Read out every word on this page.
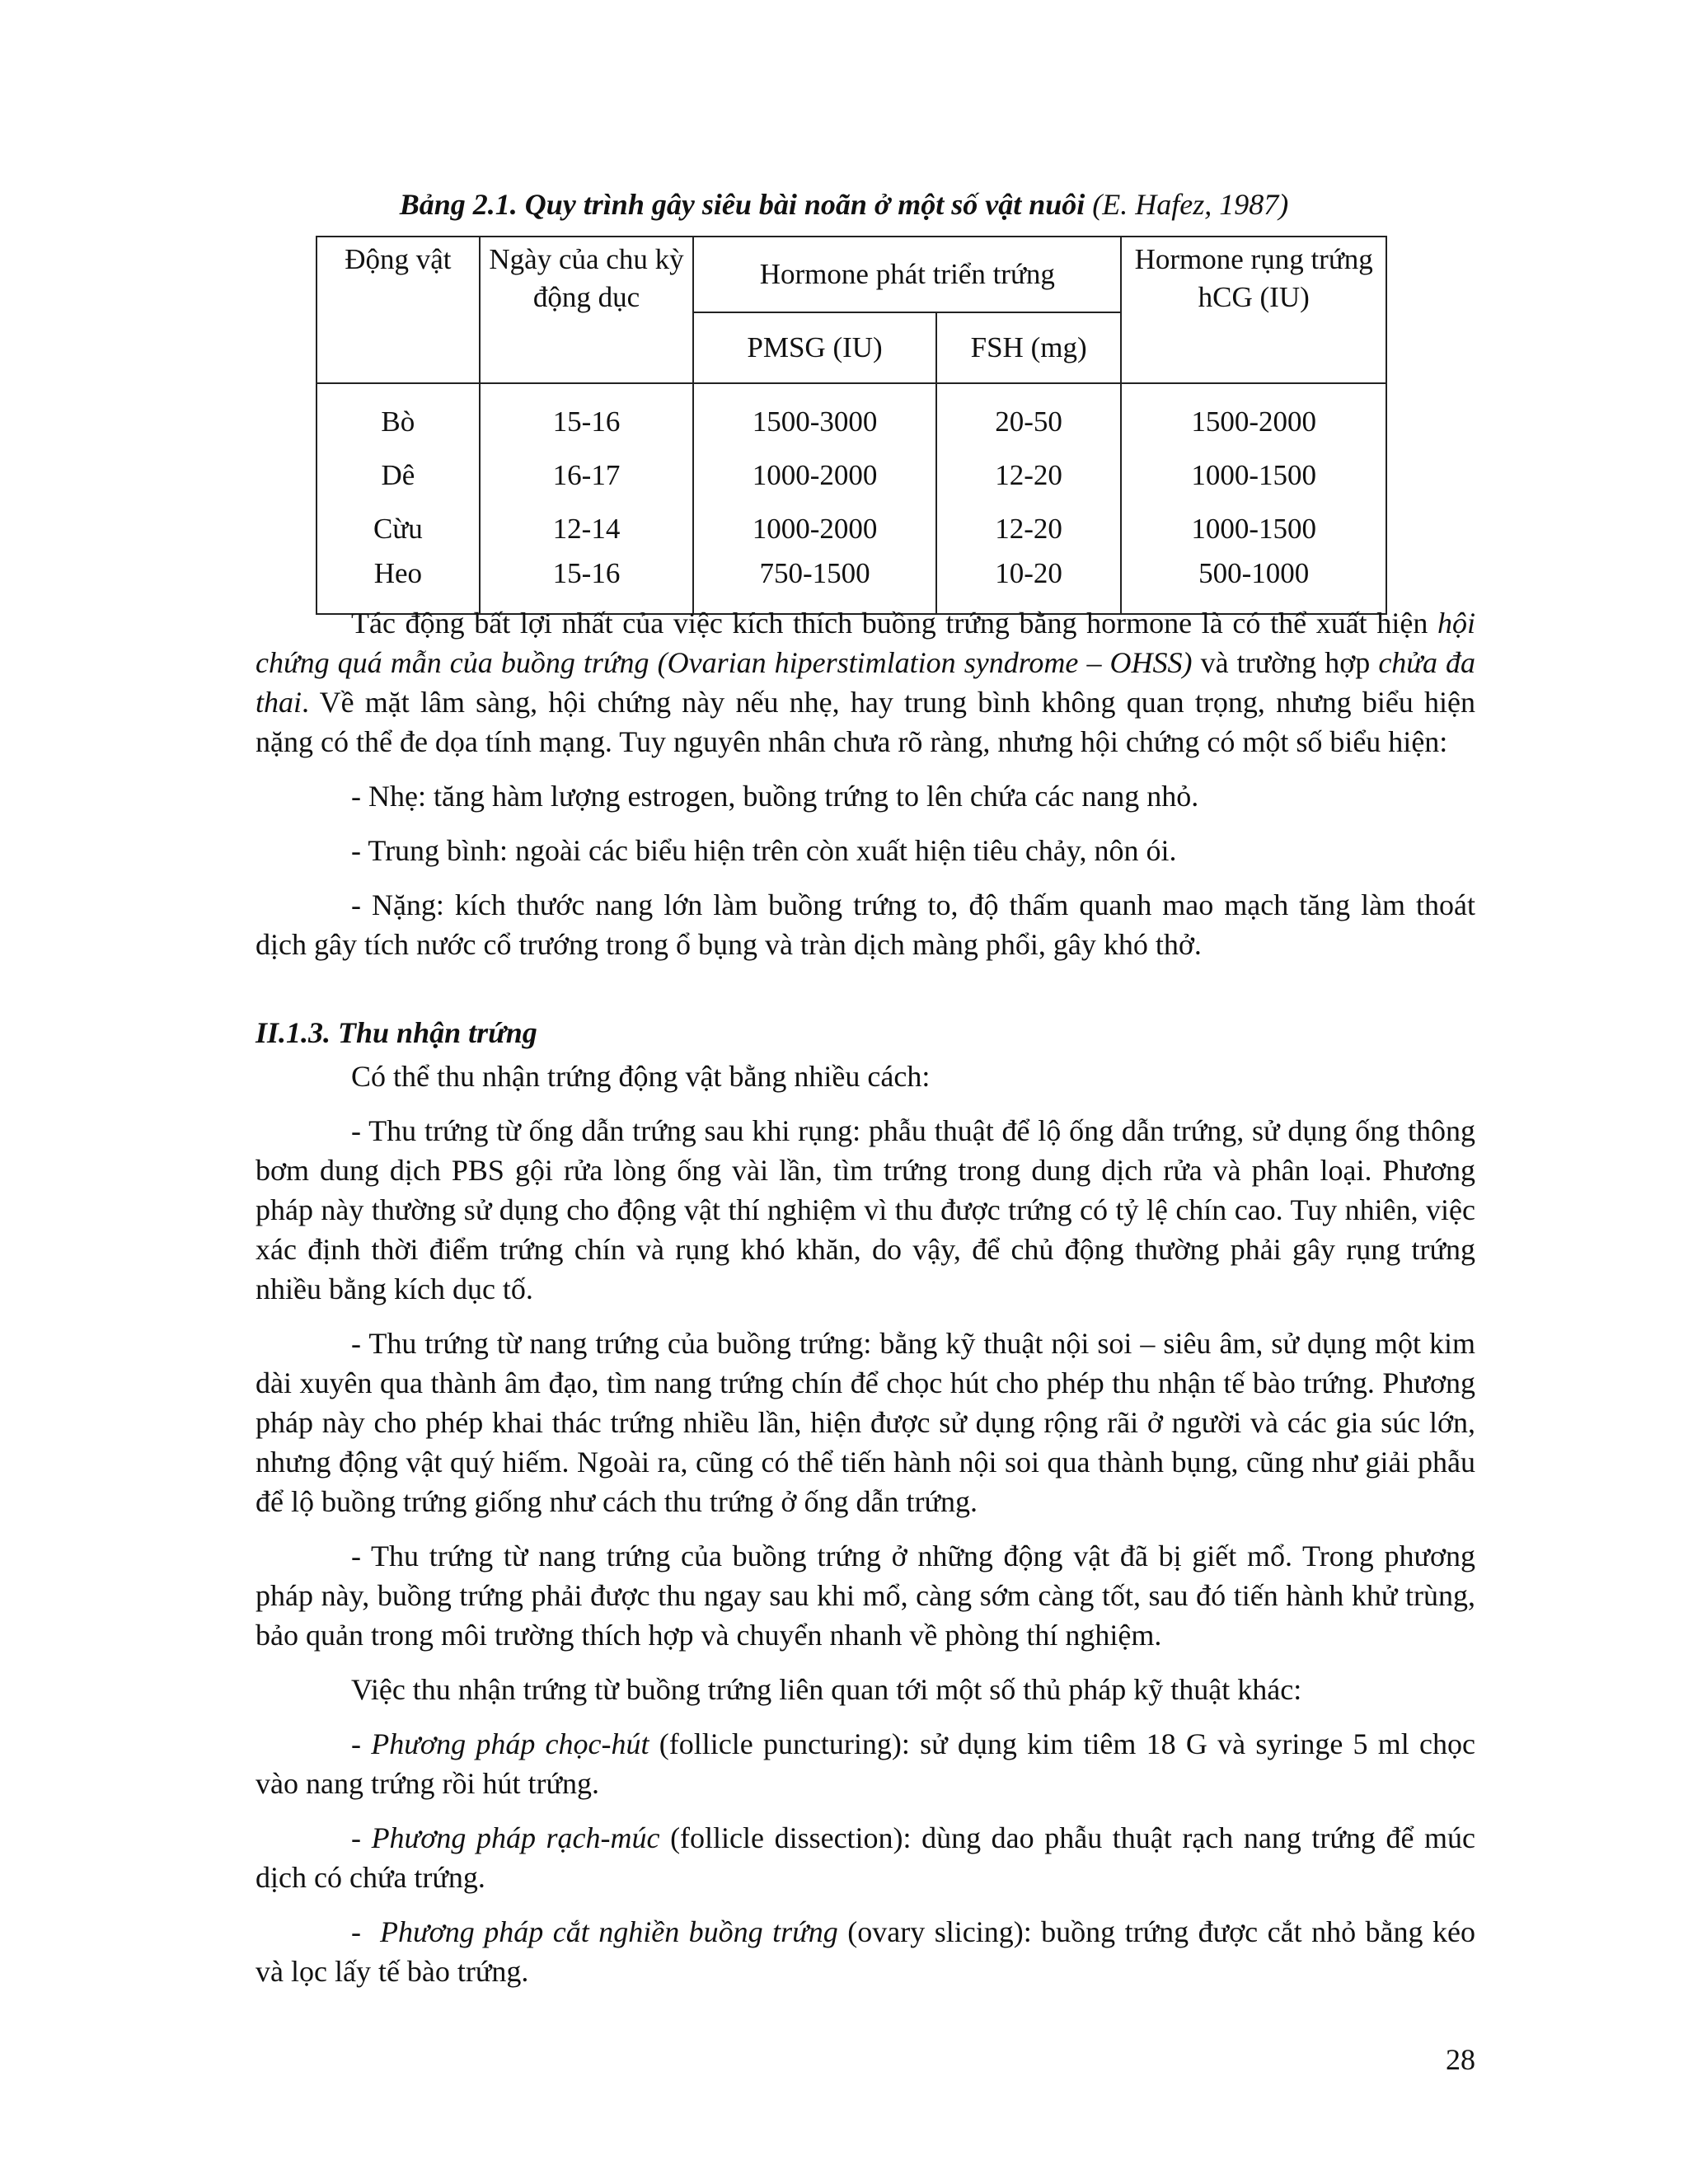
Bảng 2.1. Quy trình gây siêu bài noãn ở một số vật nuôi (E. Hafez, 1987)
Động vật	Ngày của chu kỳ động dục	Hormone phát triển trứng		Hormone rụng trứng hCG (IU)
		PMSG (IU)	FSH (mg)	
Bò	15-16	1500-3000	20-50	1500-2000
Dê	16-17	1000-2000	12-20	1000-1500
Cừu	12-14	1000-2000	12-20	1000-1500
Heo	15-16	750-1500	10-20	500-1000

Tác động bất lợi nhất của việc kích thích buồng trứng bằng hormone là có thể xuất hiện hội chứng quá mẫn của buồng trứng (Ovarian hiperstimlation syndrome – OHSS) và trường hợp chửa đa thai. Về mặt lâm sàng, hội chứng này nếu nhẹ, hay trung bình không quan trọng, nhưng biểu hiện nặng có thể đe dọa tính mạng. Tuy nguyên nhân chưa rõ ràng, nhưng hội chứng có một số biểu hiện:

- Nhẹ: tăng hàm lượng estrogen, buồng trứng to lên chứa các nang nhỏ.

- Trung bình: ngoài các biểu hiện trên còn xuất hiện tiêu chảy, nôn ói.

- Nặng: kích thước nang lớn làm buồng trứng to, độ thấm quanh mao mạch tăng làm thoát dịch gây tích nước cổ trướng trong ổ bụng và tràn dịch màng phổi, gây khó thở.

II.1.3. Thu nhận trứng

Có thể thu nhận trứng động vật bằng nhiều cách:

- Thu trứng từ ống dẫn trứng sau khi rụng: phẫu thuật để lộ ống dẫn trứng, sử dụng ống thông bơm dung dịch PBS gội rửa lòng ống vài lần, tìm trứng trong dung dịch rửa và phân loại. Phương pháp này thường sử dụng cho động vật thí nghiệm vì thu được trứng có tỷ lệ chín cao. Tuy nhiên, việc xác định thời điểm trứng chín và rụng khó khăn, do vậy, để chủ động thường phải gây rụng trứng nhiều bằng kích dục tố.

- Thu trứng từ nang trứng của buồng trứng: bằng kỹ thuật nội soi – siêu âm, sử dụng một kim dài xuyên qua thành âm đạo, tìm nang trứng chín để chọc hút cho phép thu nhận tế bào trứng. Phương pháp này cho phép khai thác trứng nhiều lần, hiện được sử dụng rộng rãi ở người và các gia súc lớn, nhưng động vật quý hiếm. Ngoài ra, cũng có thể tiến hành nội soi qua thành bụng, cũng như giải phẫu để lộ buồng trứng giống như cách thu trứng ở ống dẫn trứng.

- Thu trứng từ nang trứng của buồng trứng ở những động vật đã bị giết mổ. Trong phương pháp này, buồng trứng phải được thu ngay sau khi mổ, càng sớm càng tốt, sau đó tiến hành khử trùng, bảo quản trong môi trường thích hợp và chuyển nhanh về phòng thí nghiệm.

Việc thu nhận trứng từ buồng trứng liên quan tới một số thủ pháp kỹ thuật khác:

- Phương pháp chọc-hút (follicle puncturing): sử dụng kim tiêm 18 G và syringe 5 ml chọc vào nang trứng rồi hút trứng.

- Phương pháp rạch-múc (follicle dissection): dùng dao phẫu thuật rạch nang trứng để múc dịch có chứa trứng.

-  Phương pháp cắt nghiền buồng trứng (ovary slicing): buồng trứng được cắt nhỏ bằng kéo và lọc lấy tế bào trứng.

28
